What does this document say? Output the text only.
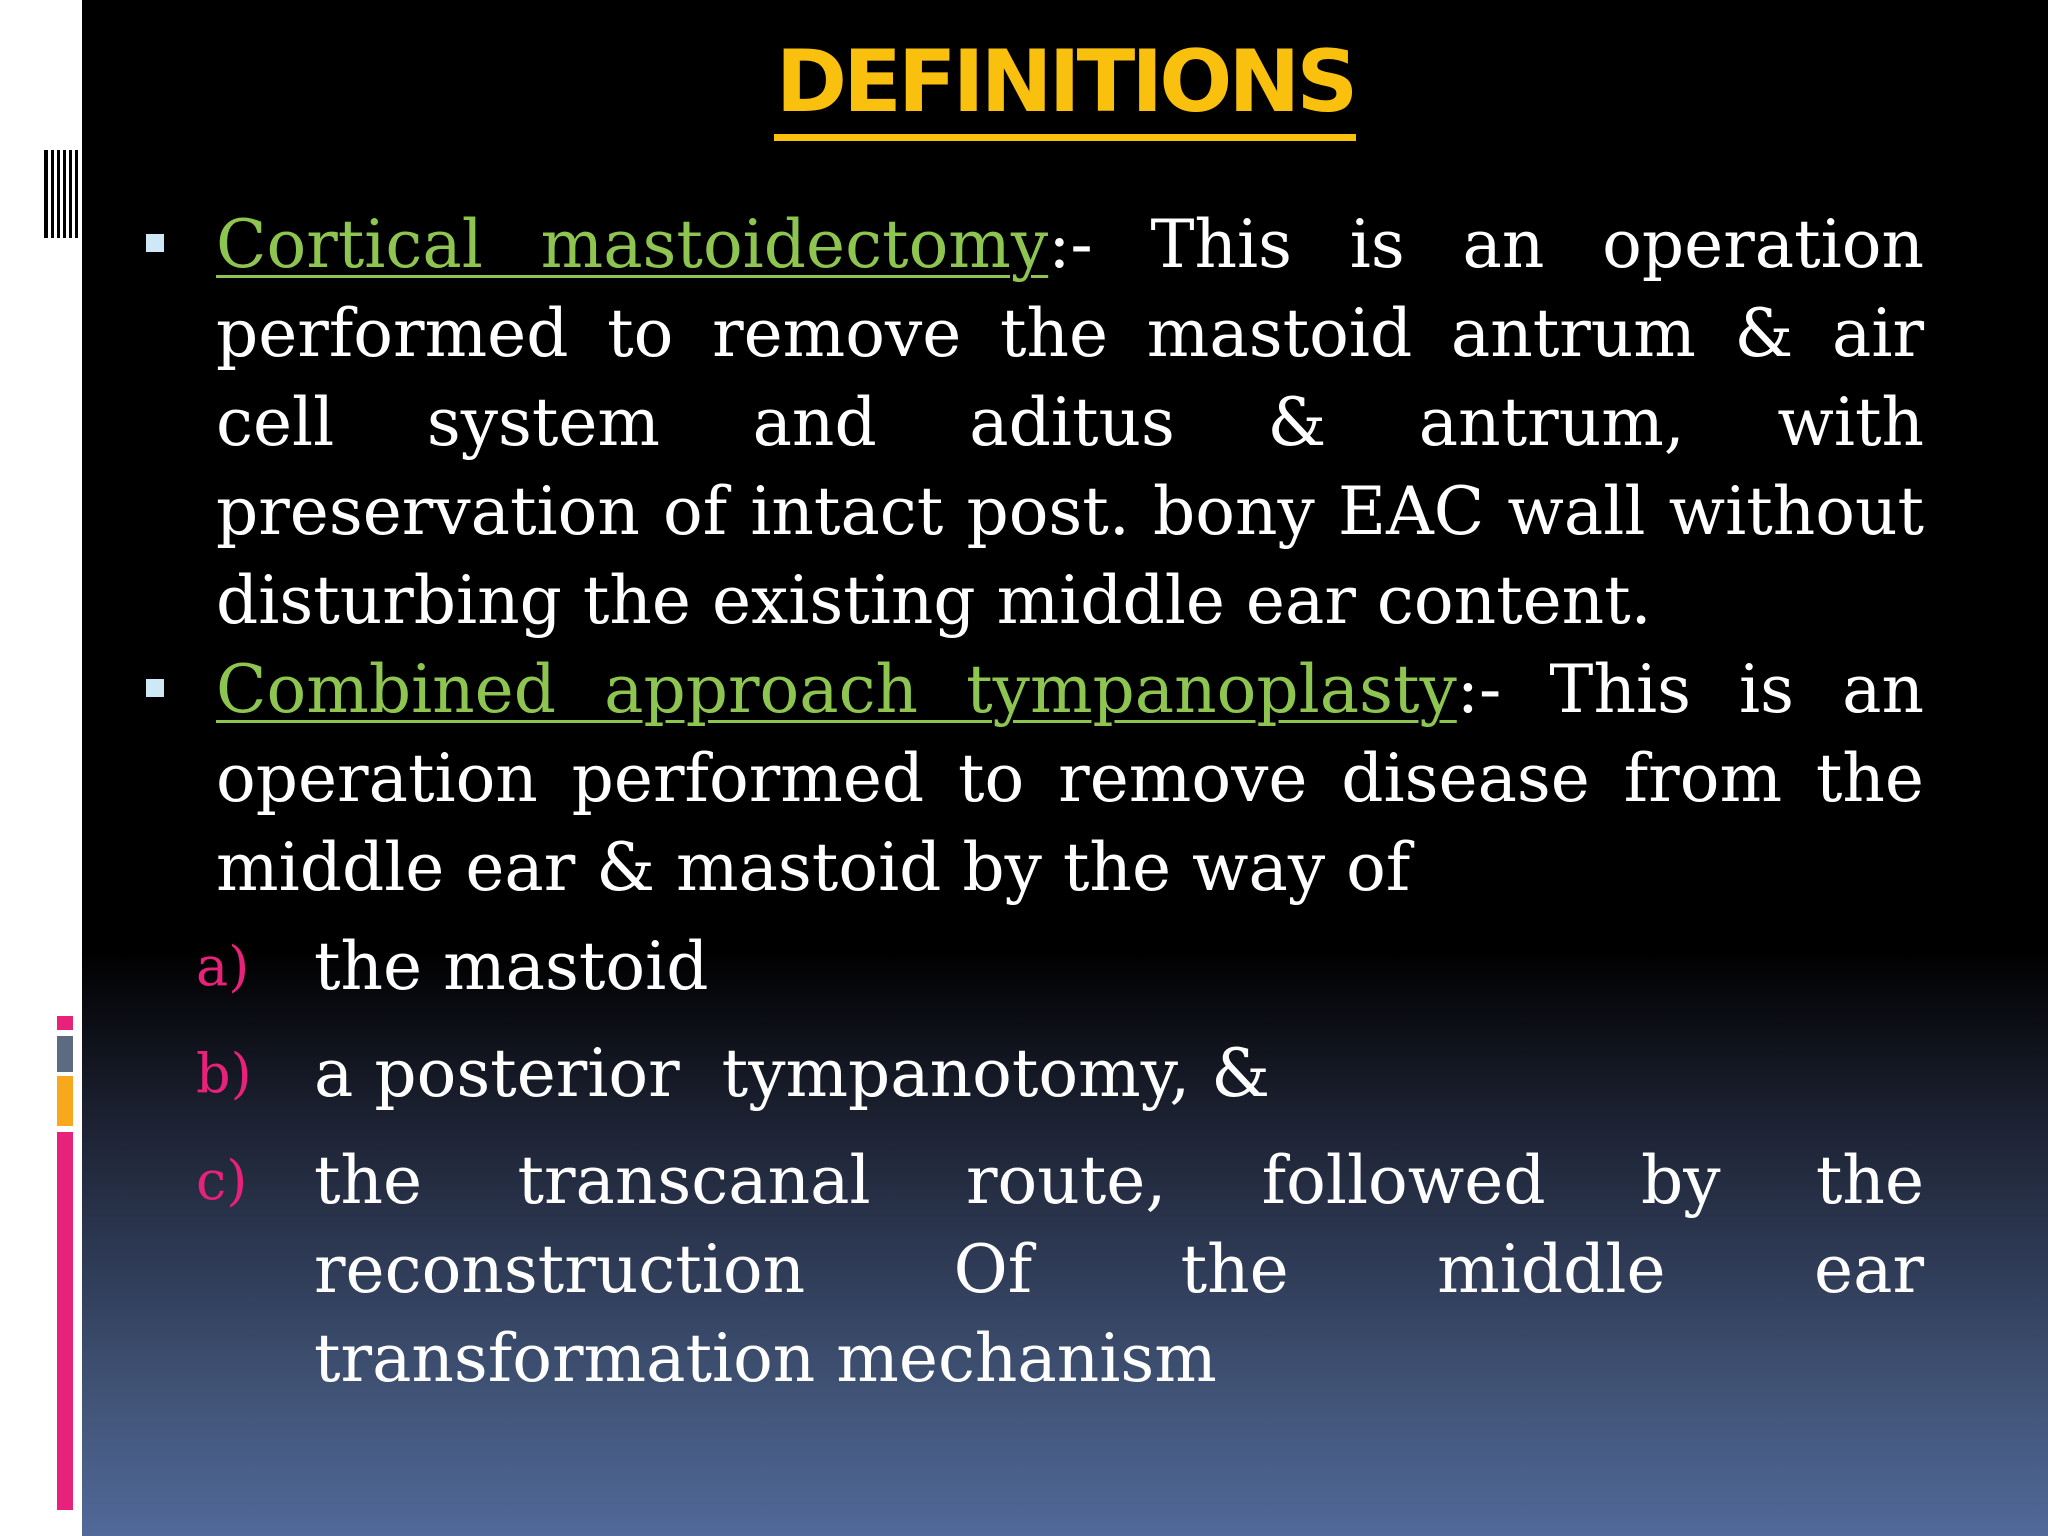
DEFINITIONS
Cortical mastoidectomy:- This is an operation performed to remove the mastoid antrum & air cell system and aditus & antrum, with preservation of intact post. bony EAC wall without disturbing the existing middle ear content.
Combined approach tympanoplasty:- This is an operation performed to remove disease from the middle ear & mastoid by the way of
a) the mastoid
b) a posterior  tympanotomy, &
c) the transcanal route, followed by the reconstruction Of the middle ear transformation mechanism
